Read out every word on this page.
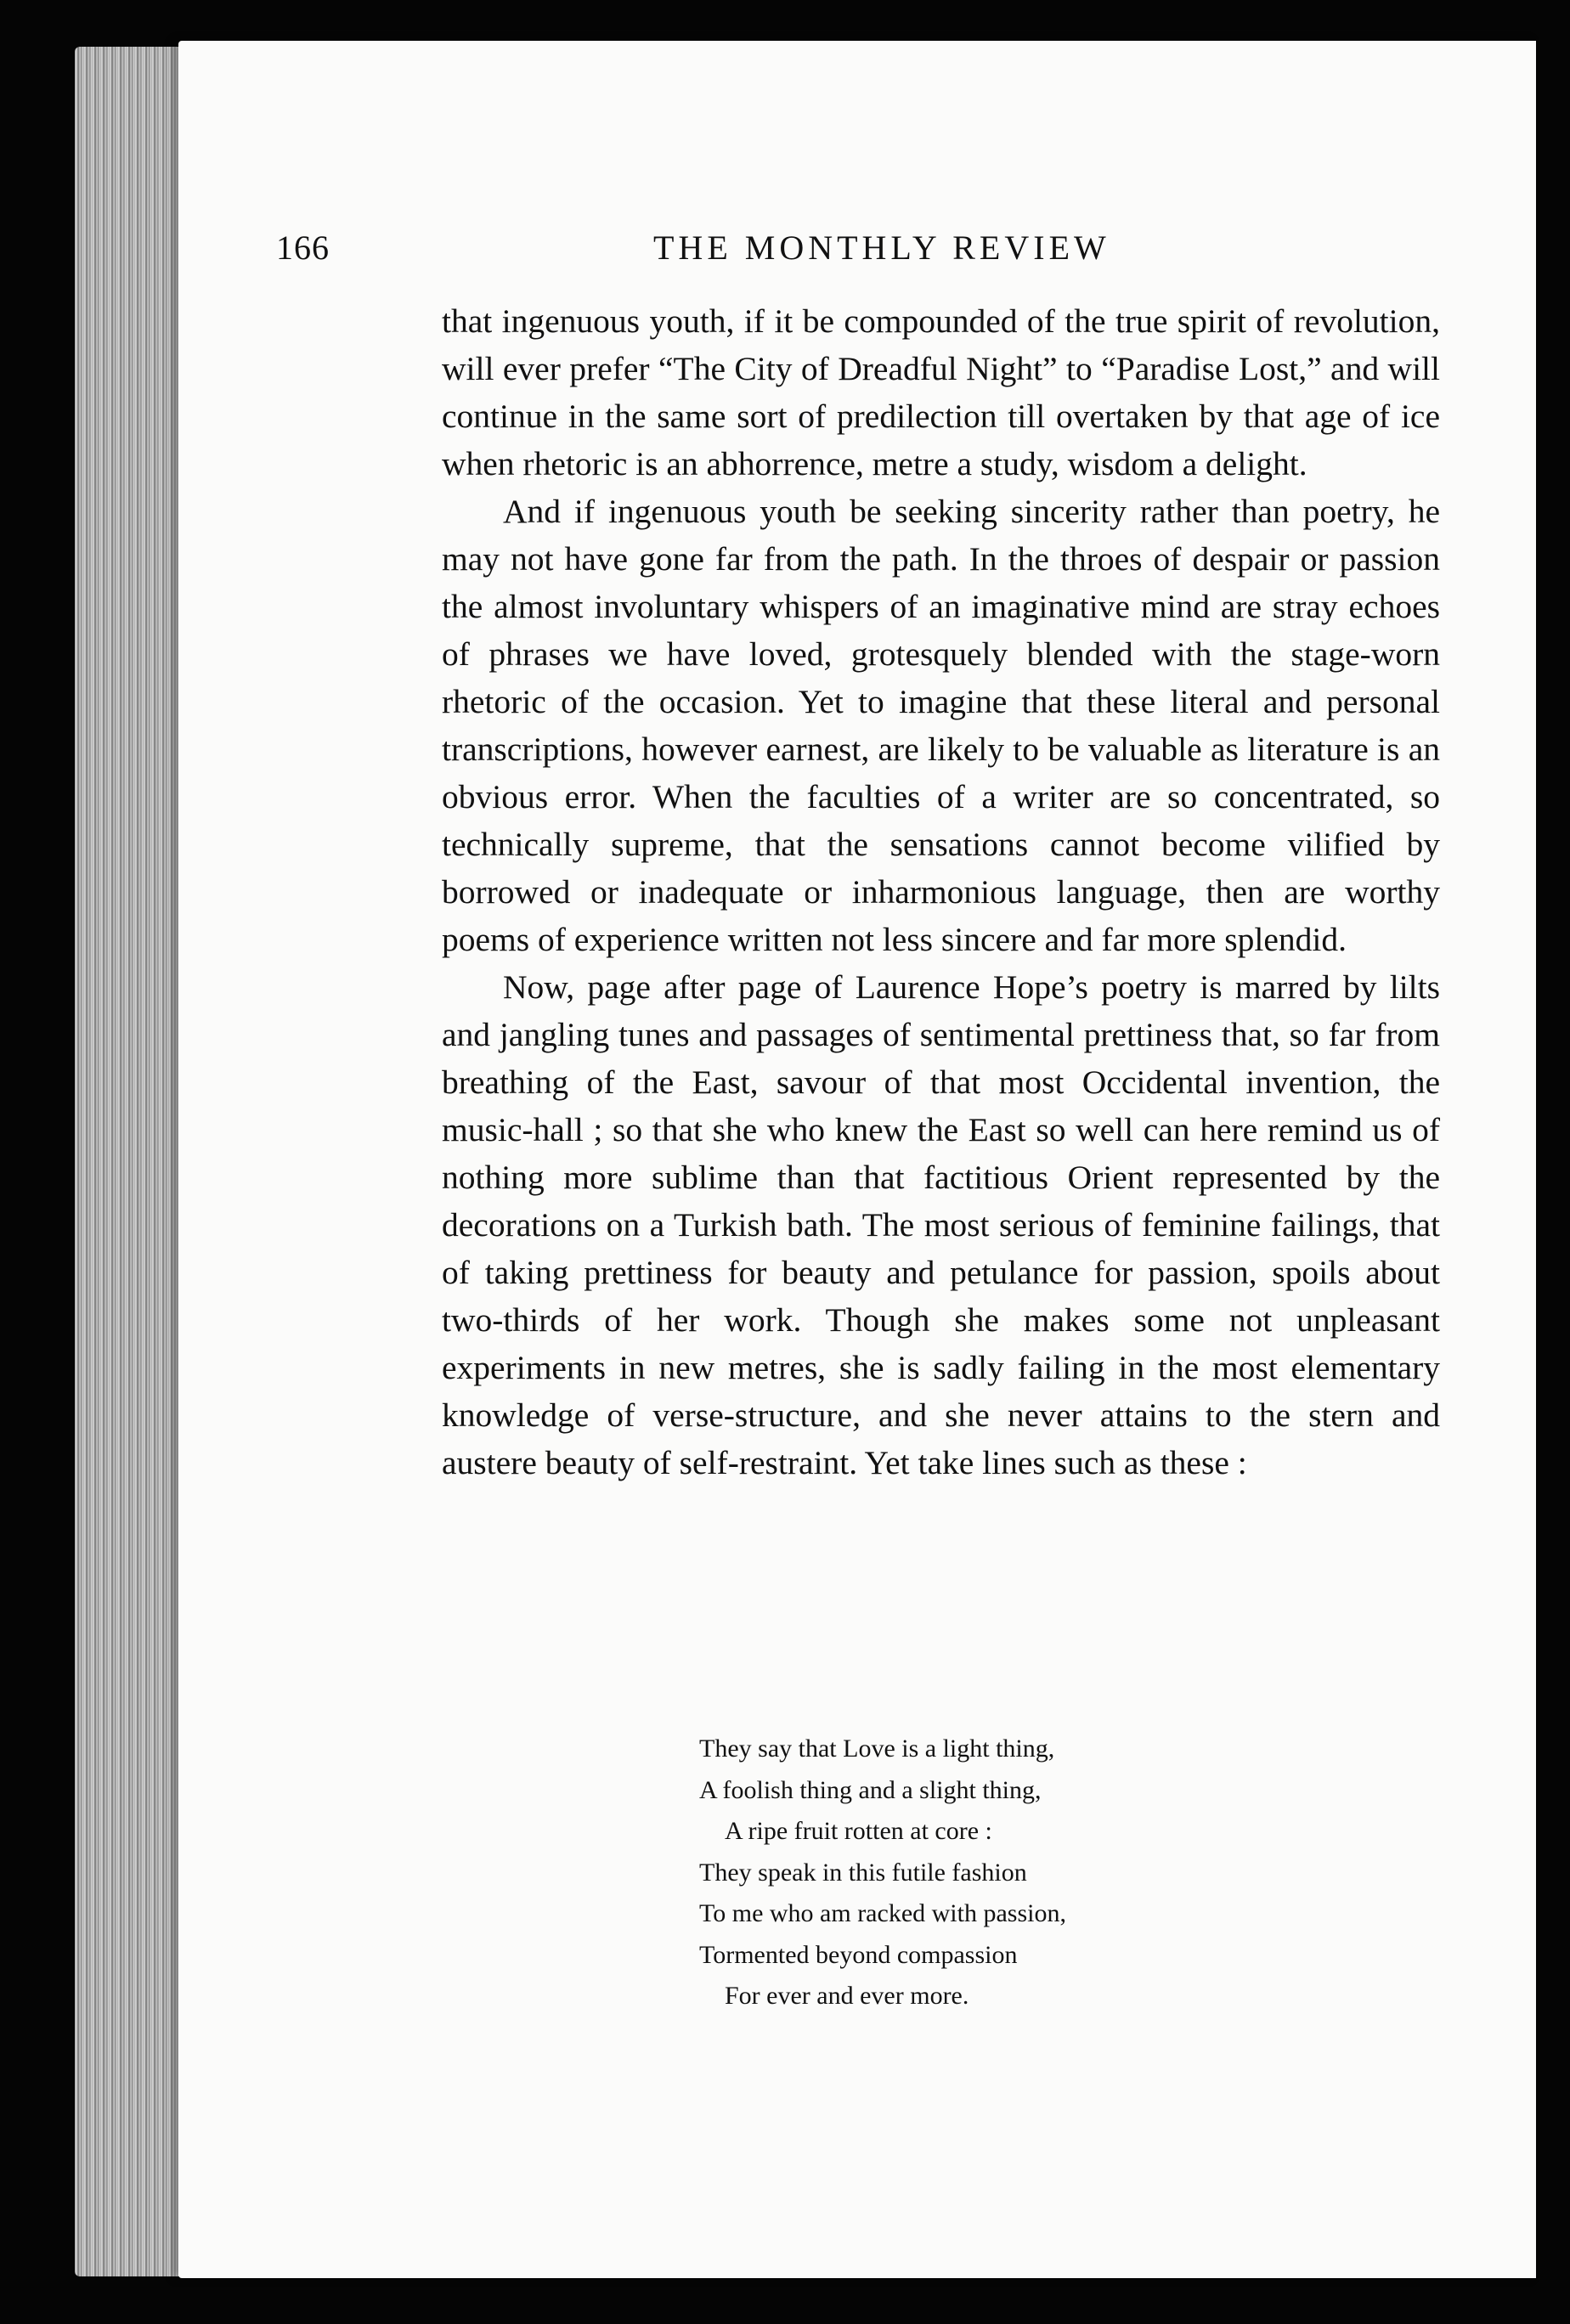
166	THE MONTHLY REVIEW

that ingenuous youth, if it be compounded of the true spirit of revolution, will ever prefer “The City of Dreadful Night” to “Paradise Lost,” and will continue in the same sort of predilection till overtaken by that age of ice when rhetoric is an abhorrence, metre a study, wisdom a delight.

And if ingenuous youth be seeking sincerity rather than poetry, he may not have gone far from the path. In the throes of despair or passion the almost involuntary whispers of an imaginative mind are stray echoes of phrases we have loved, grotesquely blended with the stage-worn rhetoric of the occasion. Yet to imagine that these literal and personal transcriptions, however earnest, are likely to be valuable as literature is an obvious error. When the faculties of a writer are so concentrated, so technically supreme, that the sensations cannot become vilified by borrowed or inadequate or inharmonious language, then are worthy poems of experience written not less sincere and far more splendid.

Now, page after page of Laurence Hope’s poetry is marred by lilts and jangling tunes and passages of sentimental prettiness that, so far from breathing of the East, savour of that most Occidental invention, the music-hall ; so that she who knew the East so well can here remind us of nothing more sublime than that factitious Orient represented by the decorations on a Turkish bath. The most serious of feminine failings, that of taking prettiness for beauty and petulance for passion, spoils about two-thirds of her work. Though she makes some not unpleasant experiments in new metres, she is sadly failing in the most elementary knowledge of verse-structure, and she never attains to the stern and austere beauty of self-restraint. Yet take lines such as these :

They say that Love is a light thing,
A foolish thing and a slight thing,
A ripe fruit rotten at core :
They speak in this futile fashion
To me who am racked with passion,
Tormented beyond compassion
For ever and ever more.
